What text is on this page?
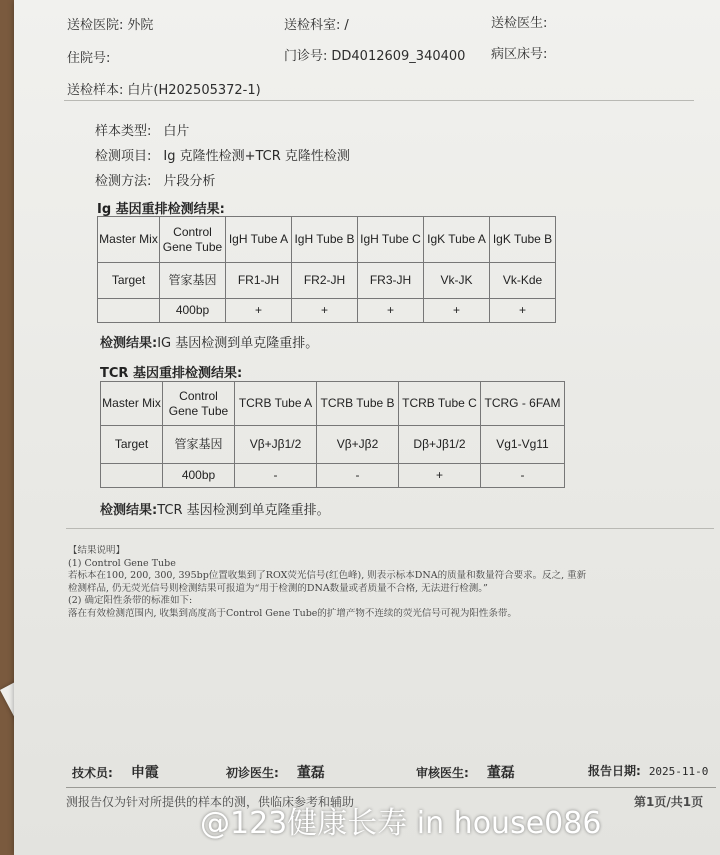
送检医院: 外院	送检科室: /	送检医生:
住院号:	门诊号: DD4012609_340400 病区床号:
送检样本: 白片(H202505372-1)
样本类型: 白片
检测项目: Ig 克隆性检测+TCR 克隆性检测
检测方法: 片段分析
Ig 基因重排检测结果:
Master Mix	Control Gene Tube	IgH Tube A	IgH Tube B	IgH Tube C	IgK Tube A	IgK Tube B
Target	管家基因	FR1-JH	FR2-JH	FR3-JH	Vk-JK	Vk-Kde
	400bp	+	+	+	+	+
检测结果:IG 基因检测到单克隆重排。
TCR 基因重排检测结果:
Master Mix	Control Gene Tube	TCRB Tube A	TCRB Tube B	TCRB Tube C	TCRG - 6FAM
Target	管家基因	Vβ+Jβ1/2	Vβ+Jβ2	Dβ+Jβ1/2	Vg1-Vg11
	400bp	-	-	+	-
检测结果:TCR 基因检测到单克隆重排。
【结果说明】
(1) Control Gene Tube
若标本在100, 200, 300, 395bp位置收集到了ROX荧光信号(红色峰), 则表示标本DNA的质量和数量符合要求。反之, 重新
检测样品, 仍无荧光信号则检测结果可报道为“用于检测的DNA数量或者质量不合格, 无法进行检测。”
(2) 确定阳性条带的标准如下:
落在有效检测范围内, 收集到高度高于Control Gene Tube的扩增产物不连续的荧光信号可视为阳性条带。
技术员: 申霞	初诊医生: 董磊	审核医生: 董磊	报告日期: 2025-11-0
测报告仅为针对所提供的样本的测，供临床参考和辅助	第1页/共1页
@123健康长寿 in house086
